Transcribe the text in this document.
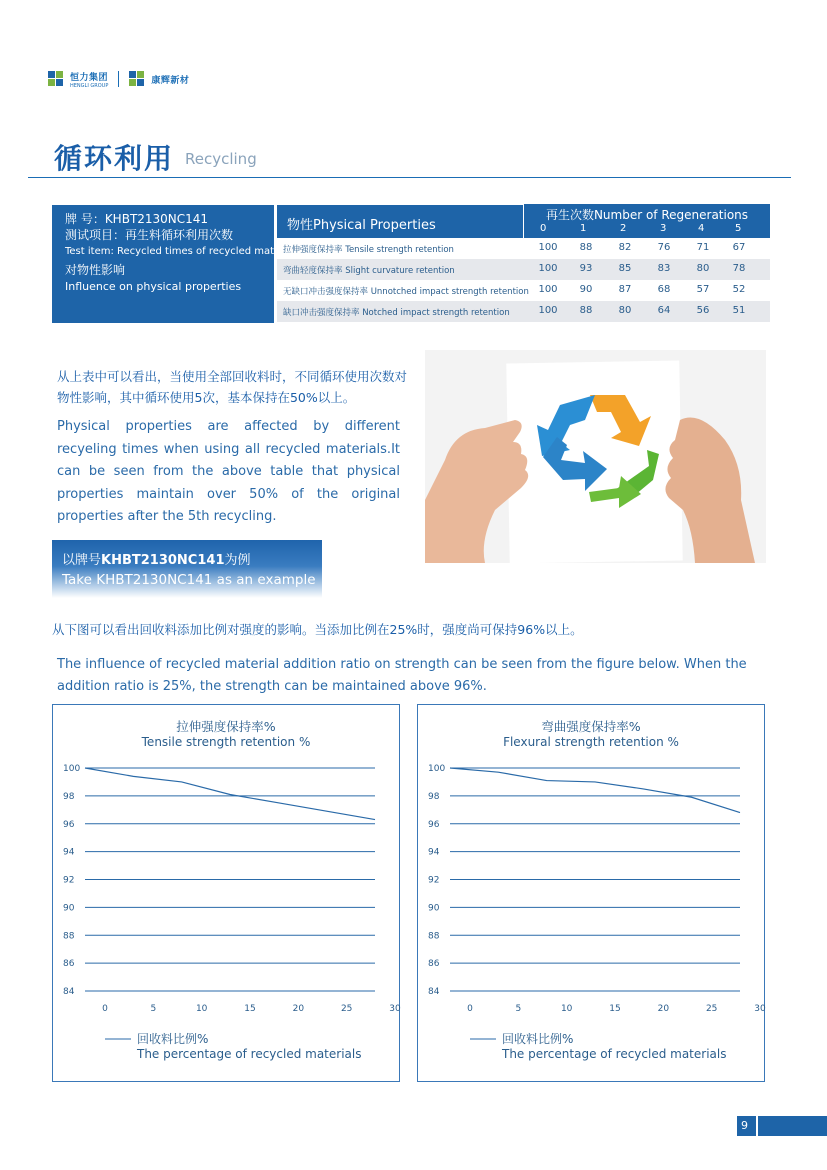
恒力集团
HENGLI GROUP	康辉新材
循环利用 Recycling
牌 号：KHBT2130NC141
测试项目：再生料循环利用次数
Test item: Recycled times of recycled materials
对物性影响
Influence on physical properties
物性Physical Properties
再生次数Number of Regenerations
0	1	2	3	4	5
拉伸强度保持率 Tensile strength retention	100	88	82	76	71	67
弯曲轻度保持率 Slight curvature retention	100	93	85	83	80	78
无缺口冲击强度保持率 Unnotched impact strength retention 100	90	87	68	57	52
缺口冲击强度保持率 Notched impact strength retention	100	88	80	64	56	51
从上表中可以看出，当使用全部回收料时，不同循环使用次数对物性影响，其中循环使用5次，基本保持在50%以上。
Physical properties are affected by different recyeling times when using all recycled materials.It can be seen from the above table that physical properties maintain over 50% of the original properties after the 5th recycling.
以牌号KHBT2130NC141为例
Take KHBT2130NC141 as an example
从下图可以看出回收料添加比例对强度的影响。当添加比例在25%时，强度尚可保持96%以上。
The influence of recycled material addition ratio on strength can be seen from the figure below. When the addition ratio is 25%, the strength can be maintained above 96%.
拉伸强度保持率%
Tensile strength retention %
84
86
88
90
92
94
96
98
100
0	5	10	15	20	25	30
回收料比例%
The percentage of recycled materials
弯曲强度保持率%
Flexural strength retention %
84
86
88
90
92
94
96
98
100
0	5	10	15	20	25	30
回收料比例%
The percentage of recycled materials
9
